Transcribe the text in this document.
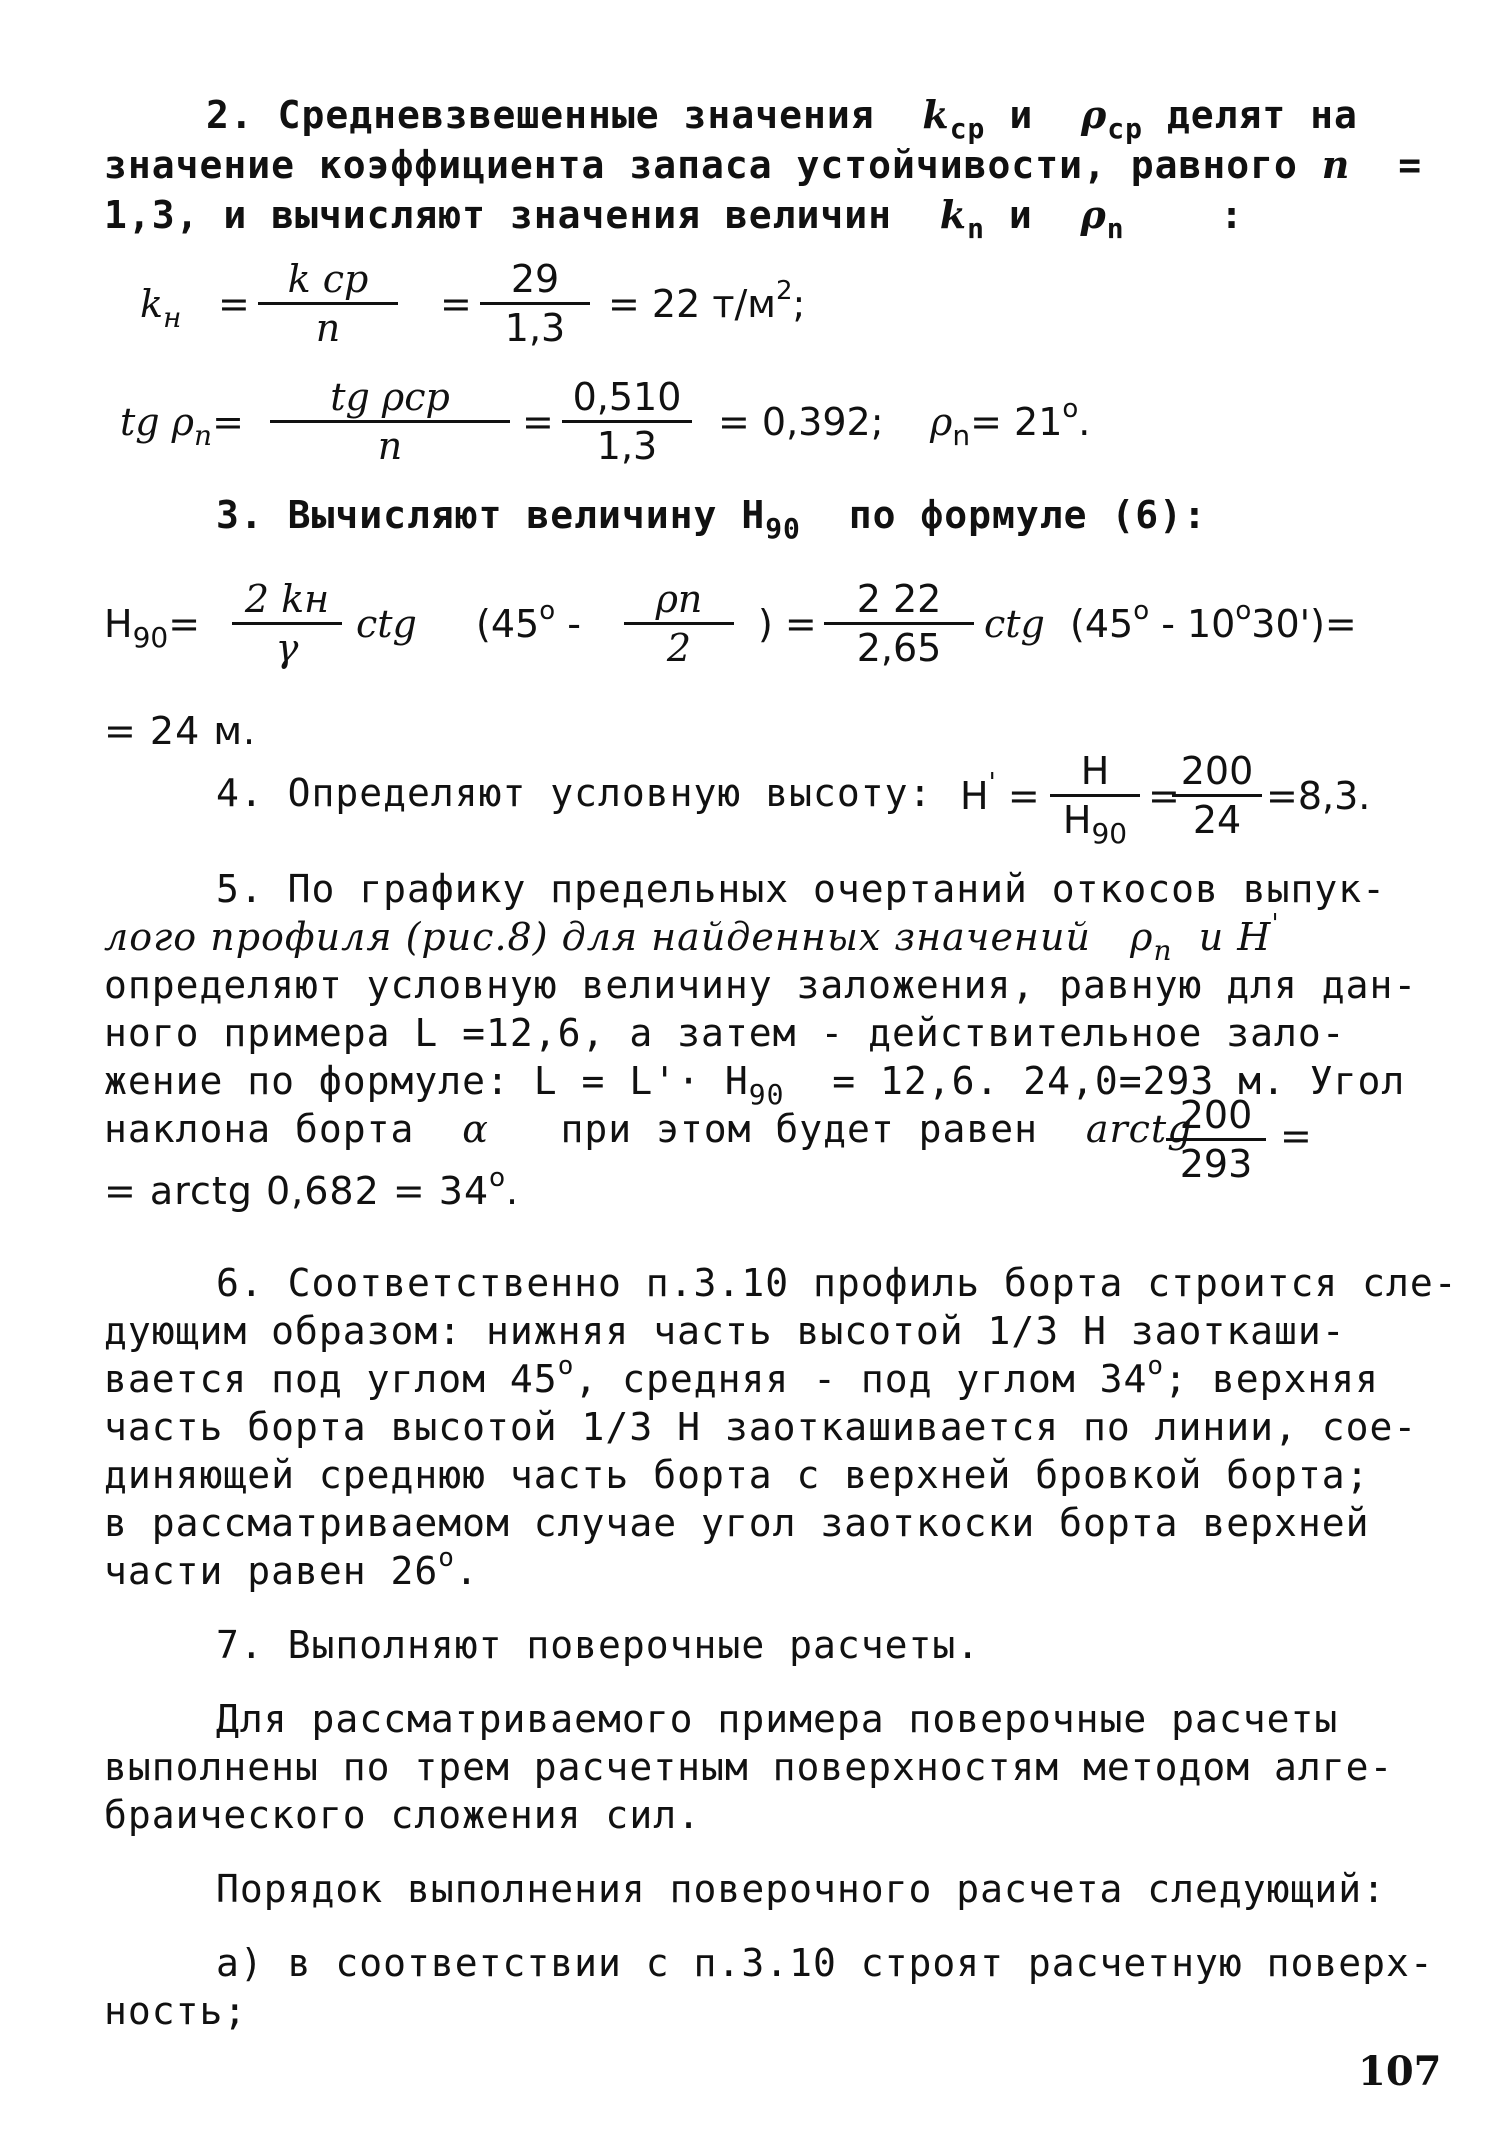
2. Средневзвешенные значения $k_{ср}$ и $\rho_{ср}$ делят на
значение коэффициента запаса устойчивости, равного n =
1,3, и вычисляют значения величин $k_n$ и $\rho_n$	:
$k_н$ =
k ср
n
=
29
1,3
= 22 $т/м^2$;
tg $\rho_n=$
tg ρср
n
=
0,510
1,3
= 0,392; $\rho_n= 21^o$.
3. Вычисляют величину $H_{90}$ по формуле (6):
$H_{90}=$
2 kн
γ
ctg (45$^o$ -
ρn
2
) =
2 22
2,65
ctg $(45^o - 10^o30')=$
= 24 м.
4. Определяют условную высоту: H' =
H
$H_{90}$
=
200
24
=8,3.
5. По графику предельных очертаний откосов выпук-
лого профиля (рис.8) для найденных значений $\rho_n$ и H'
определяют условную величину заложения, равную для дан-
ного примера L =12,6, а затем - действительное зало-
жение по формуле: $L = L'\cdot H_{90} = 12,6$. 24,0=293 м. Угол
наклона борта α при этом будет равен arctg
200
293
=
= arctg $0,682 = 34^o$.
6. Соответственно п.3.10 профиль борта строится сле-
дующим образом: нижняя часть высотой 1/3 H заоткаши-
вается под углом 45$^o$, средняя - под углом 34$^o$; верхняя
часть борта высотой 1/3 H заоткашивается по линии, сое-
диняющей среднюю часть борта с верхней бровкой борта;
в рассматриваемом случае угол заоткоски борта верхней
части равен 26$^o$.
7. Выполняют поверочные расчеты.
Для рассматриваемого примера поверочные расчеты
выполнены по трем расчетным поверхностям методом алге-
браического сложения сил.
Порядок выполнения поверочного расчета следующий:
а) в соответствии с п.3.10 строят расчетную поверх-
ность;
107
